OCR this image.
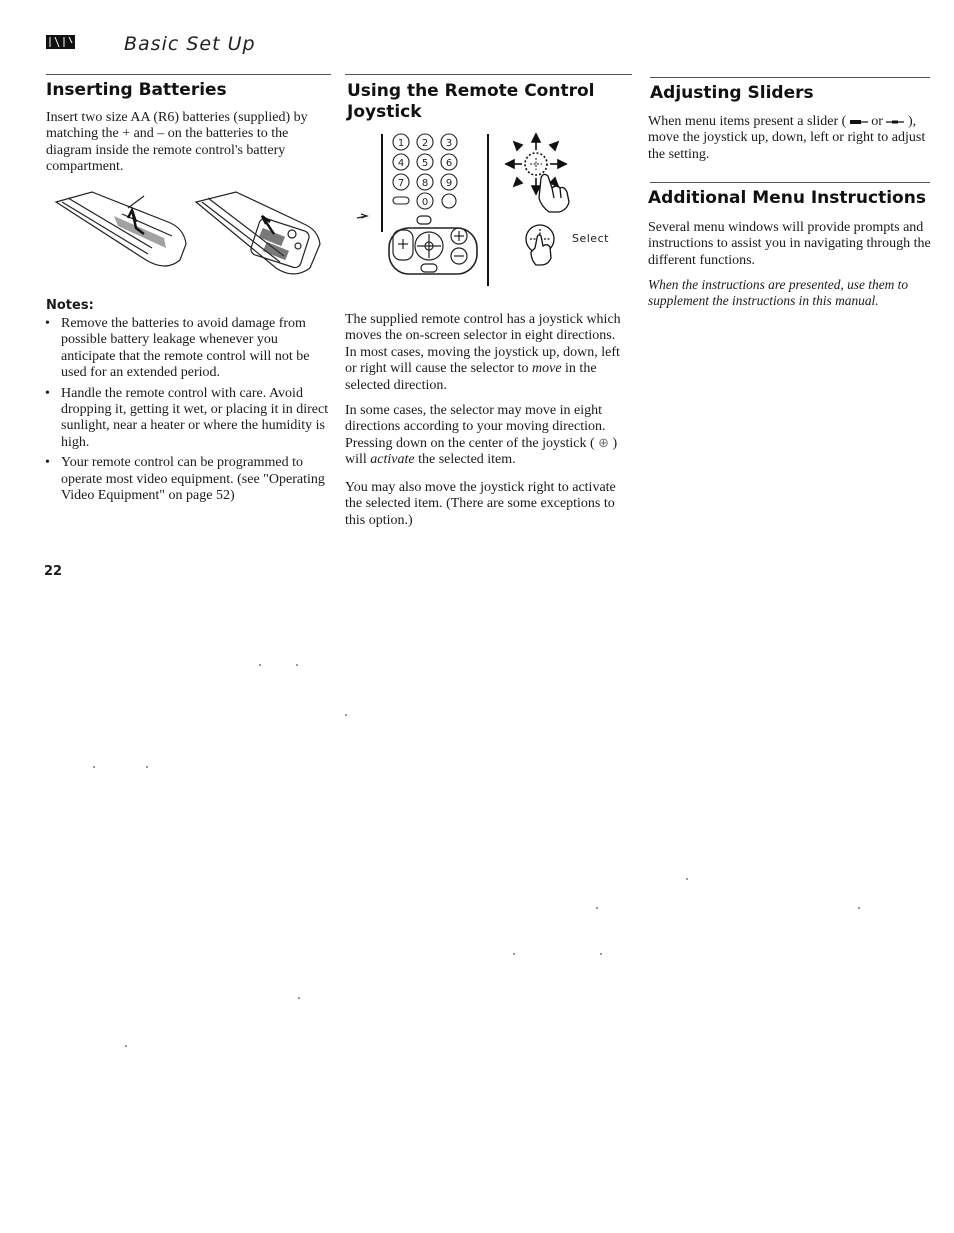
Basic Set Up
Inserting Batteries

Insert two size AA (R6) batteries (supplied) by matching the + and – on the batteries to the diagram inside the remote control's battery compartment.

Notes:
• Remove the batteries to avoid damage from possible battery leakage whenever you anticipate that the remote control will not be used for an extended period.
• Handle the remote control with care. Avoid dropping it, getting it wet, or placing it in direct sunlight, near a heater or where the humidity is high.
• Your remote control can be programmed to operate most video equipment. (see "Operating Video Equipment" on page 52)
22
Using the Remote Control Joystick
1 2 3
4 5 6
7 8 9
0
Select

The supplied remote control has a joystick which moves the on-screen selector in eight directions. In most cases, moving the joystick up, down, left or right will cause the selector to move in the selected direction.

In some cases, the selector may move in eight directions according to your moving direction. Pressing down on the center of the joystick ( ⊕ ) will activate the selected item.

You may also move the joystick right to activate the selected item. (There are some exceptions to this option.)

Adjusting Sliders

When menu items present a slider (  or  ), move the joystick up, down, left or right to adjust the setting.

Additional Menu Instructions

Several menu windows will provide prompts and instructions to assist you in navigating through the different functions.

When the instructions are presented, use them to supplement the instructions in this manual.
